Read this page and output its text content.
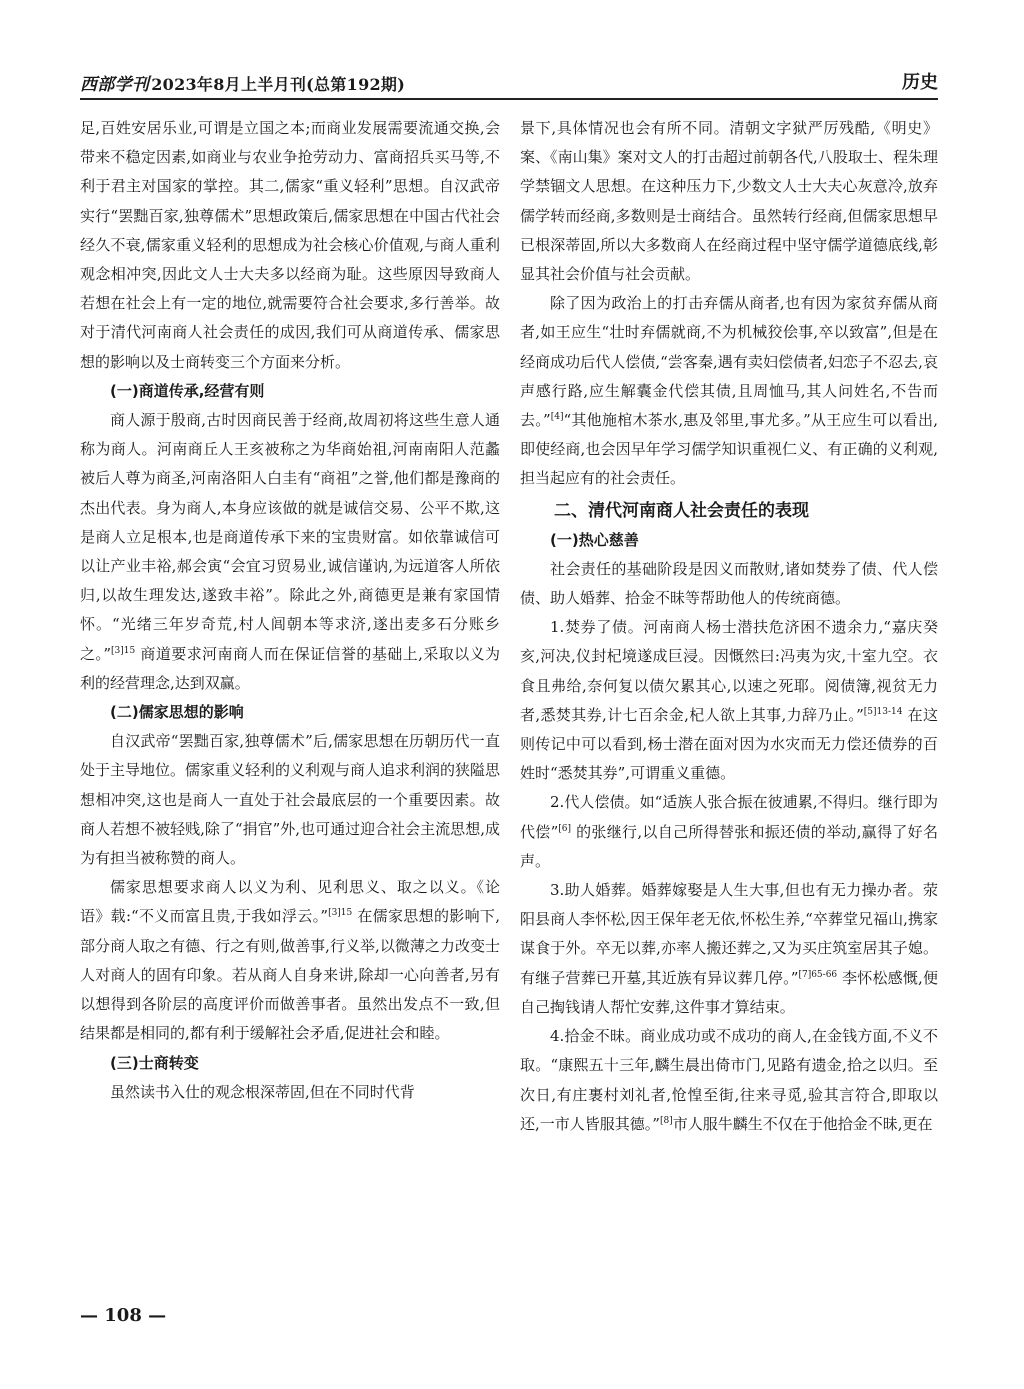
西部学刊 2023年8月上半月刊(总第192期)	历史

足,百姓安居乐业,可谓是立国之本;而商业发展需要流通交换,会带来不稳定因素,如商业与农业争抢劳动力、富商招兵买马等,不利于君主对国家的掌控。其二,儒家“重义轻利”思想。自汉武帝实行“罢黜百家,独尊儒术”思想政策后,儒家思想在中国古代社会经久不衰,儒家重义轻利的思想成为社会核心价值观,与商人重利观念相冲突,因此文人士大夫多以经商为耻。这些原因导致商人若想在社会上有一定的地位,就需要符合社会要求,多行善举。故对于清代河南商人社会责任的成因,我们可从商道传承、儒家思想的影响以及士商转变三个方面来分析。

(一)商道传承,经营有则

商人源于殷商,古时因商民善于经商,故周初将这些生意人通称为商人。河南商丘人王亥被称之为华商始祖,河南南阳人范蠡被后人尊为商圣,河南洛阳人白圭有“商祖”之誉,他们都是豫商的杰出代表。身为商人,本身应该做的就是诚信交易、公平不欺,这是商人立足根本,也是商道传承下来的宝贵财富。如依靠诚信可以让产业丰裕,郝会寅“会宜习贸易业,诚信谨讷,为远道客人所依归,以故生理发达,遂致丰裕”。除此之外,商德更是兼有家国情怀。“光绪三年岁奇荒,村人闾朝本等求济,遂出麦多石分账乡之。”$^{[3]15}$ 商道要求河南商人而在保证信誉的基础上,采取以义为利的经营理念,达到双赢。

(二)儒家思想的影响

自汉武帝“罢黜百家,独尊儒术”后,儒家思想在历朝历代一直处于主导地位。儒家重义轻利的义利观与商人追求利润的狭隘思想相冲突,这也是商人一直处于社会最底层的一个重要因素。故商人若想不被轻贱,除了“捐官”外,也可通过迎合社会主流思想,成为有担当被称赞的商人。

儒家思想要求商人以义为利、见利思义、取之以义。《论语》载:“不义而富且贵,于我如浮云。”$^{[3]15}$ 在儒家思想的影响下,部分商人取之有德、行之有则,做善事,行义举,以微薄之力改变士人对商人的固有印象。若从商人自身来讲,除却一心向善者,另有以想得到各阶层的高度评价而做善事者。虽然出发点不一致,但结果都是相同的,都有利于缓解社会矛盾,促进社会和睦。

(三)士商转变

虽然读书入仕的观念根深蒂固,但在不同时代背

景下,具体情况也会有所不同。清朝文字狱严厉残酷,《明史》案、《南山集》案对文人的打击超过前朝各代,八股取士、程朱理学禁锢文人思想。在这种压力下,少数文人士大夫心灰意冷,放弃儒学转而经商,多数则是士商结合。虽然转行经商,但儒家思想早已根深蒂固,所以大多数商人在经商过程中坚守儒学道德底线,彰显其社会价值与社会贡献。

除了因为政治上的打击弃儒从商者,也有因为家贫弃儒从商者,如王应生“壮时弃儒就商,不为机械狡侩事,卒以致富”,但是在经商成功后代人偿债,“尝客秦,遇有卖妇偿债者,妇恋子不忍去,哀声感行路,应生解囊金代偿其债,且周恤马,其人问姓名,不告而去。”[4]“其他施棺木茶水,惠及邻里,事尤多。”从王应生可以看出,即使经商,也会因早年学习儒学知识重视仁义、有正确的义利观,担当起应有的社会责任。

二、清代河南商人社会责任的表现
(一)热心慈善

社会责任的基础阶段是因义而散财,诸如焚券了债、代人偿债、助人婚葬、拾金不昧等帮助他人的传统商德。

1.焚券了债。河南商人杨士潜扶危济困不遗余力,“嘉庆癸亥,河决,仪封杞境遂成巨浸。因慨然曰:冯夷为灾,十室九空。衣食且弗给,奈何复以债欠累其心,以速之死耶。阅债簿,视贫无力者,悉焚其券,计七百余金,杞人欲上其事,力辞乃止。”$^{[5]13-14}$ 在这则传记中可以看到,杨士潜在面对因为水灾而无力偿还债券的百姓时“悉焚其券”,可谓重义重德。

2.代人偿债。如“适族人张合振在彼逋累,不得归。继行即为代偿”[6] 的张继行,以自己所得替张和振还债的举动,赢得了好名声。

3.助人婚葬。婚葬嫁娶是人生大事,但也有无力操办者。荥阳县商人李怀松,因王保年老无依,怀松生养,“卒葬堂兄福山,携家谋食于外。卒无以葬,亦率人搬还葬之,又为买庄筑室居其子媳。有继子营葬已开墓,其近族有异议葬几停。”$^{[7]65-66}$ 李怀松感慨,便自己掏钱请人帮忙安葬,这件事才算结束。

4.拾金不昧。商业成功或不成功的商人,在金钱方面,不义不取。“康熙五十三年,麟生晨出倚市门,见路有遗金,拾之以归。至次日,有庄裹村刘礼者,怆惶至街,往来寻觅,验其言符合,即取以还,一市人皆服其德。”[8]市人服牛麟生不仅在于他拾金不昧,更在

— 108 —
